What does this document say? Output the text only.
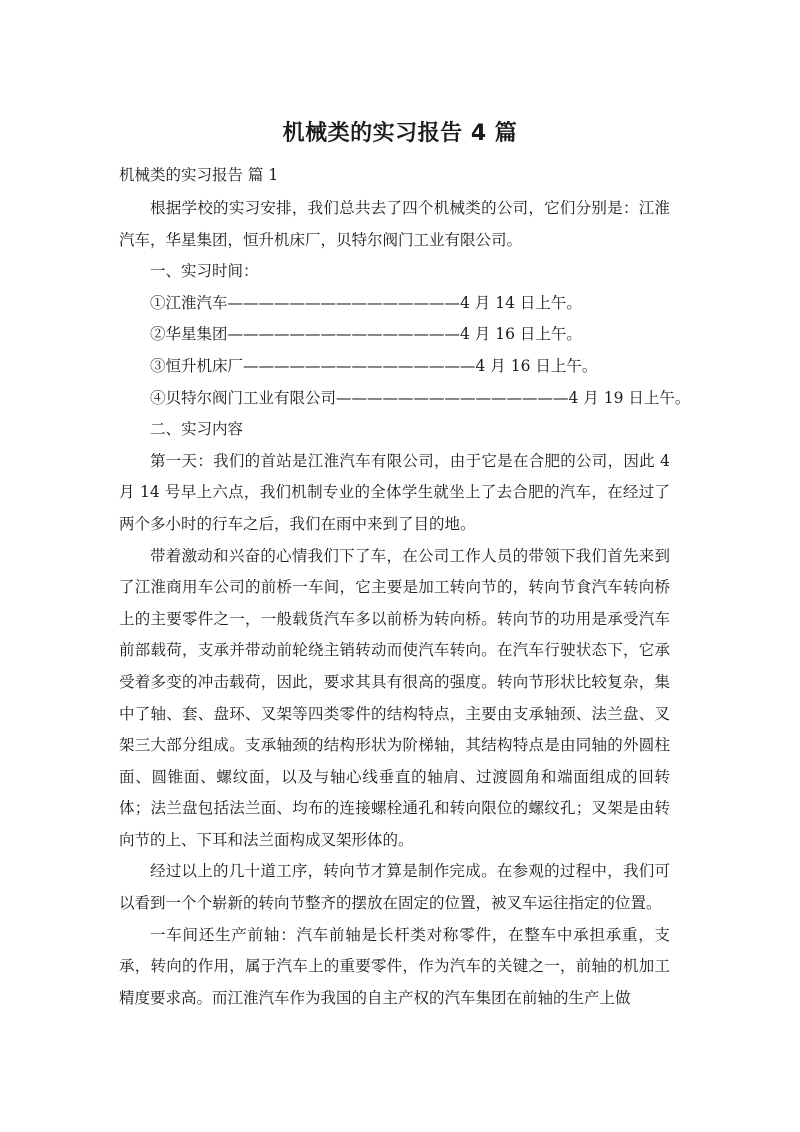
机械类的实习报告 4 篇
机械类的实习报告 篇 1

根据学校的实习安排，我们总共去了四个机械类的公司，它们分别是：江淮汽车，华星集团，恒升机床厂，贝特尔阀门工业有限公司。

一、实习时间：

①江淮汽车———————————————4 月 14 日上午。

②华星集团———————————————4 月 16 日上午。

③恒升机床厂———————————————4 月 16 日上午。

④贝特尔阀门工业有限公司———————————————4 月 19 日上午。

二、实习内容

第一天：我们的首站是江淮汽车有限公司，由于它是在合肥的公司，因此 4 月 14 号早上六点，我们机制专业的全体学生就坐上了去合肥的汽车，在经过了两个多小时的行车之后，我们在雨中来到了目的地。

带着激动和兴奋的心情我们下了车，在公司工作人员的带领下我们首先来到了江淮商用车公司的前桥一车间，它主要是加工转向节的，转向节食汽车转向桥上的主要零件之一，一般载货汽车多以前桥为转向桥。转向节的功用是承受汽车前部载荷，支承并带动前轮绕主销转动而使汽车转向。在汽车行驶状态下，它承受着多变的冲击载荷，因此，要求其具有很高的强度。转向节形状比较复杂，集中了轴、套、盘环、叉架等四类零件的结构特点，主要由支承轴颈、法兰盘、叉架三大部分组成。支承轴颈的结构形状为阶梯轴，其结构特点是由同轴的外圆柱面、圆锥面、螺纹面，以及与轴心线垂直的轴肩、过渡圆角和端面组成的回转体；法兰盘包括法兰面、均布的连接螺栓通孔和转向限位的螺纹孔；叉架是由转向节的上、下耳和法兰面构成叉架形体的。

经过以上的几十道工序，转向节才算是制作完成。在参观的过程中，我们可以看到一个个崭新的转向节整齐的摆放在固定的位置，被叉车运往指定的位置。

一车间还生产前轴：汽车前轴是长杆类对称零件，在整车中承担承重，支承，转向的作用，属于汽车上的重要零件，作为汽车的关键之一，前轴的机加工精度要求高。而江淮汽车作为我国的自主产权的汽车集团在前轴的生产上做
